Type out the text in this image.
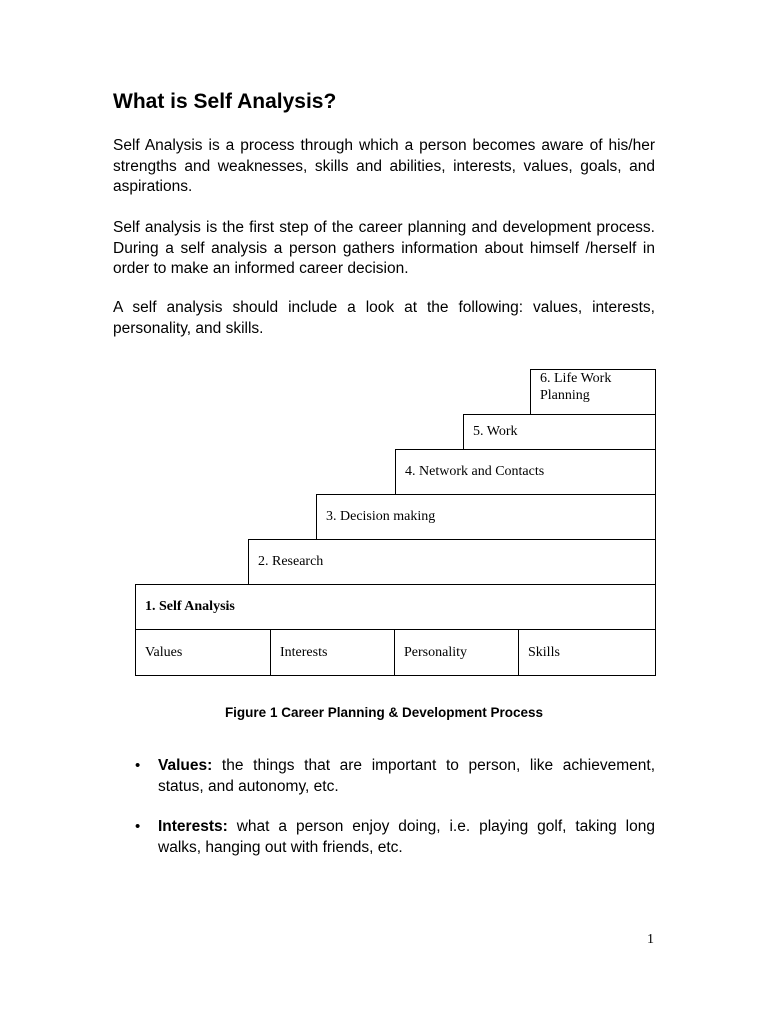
What is Self Analysis?

Self Analysis is a process through which a person becomes aware of his/her strengths and weaknesses, skills and abilities, interests, values, goals, and aspirations.

Self analysis is the first step of the career planning and development process. During a self analysis a person gathers information about himself /herself in order to make an informed career decision.

A self analysis should include a look at the following: values, interests, personality, and skills.

6. Life Work Planning
5. Work
4. Network and Contacts
3. Decision making
2. Research
1. Self Analysis
Values	Interests	Personality	Skills
Figure 1 Career Planning & Development Process
• Values: the things that are important to person, like achievement, status, and autonomy, etc.
• Interests: what a person enjoy doing, i.e. playing golf, taking long walks, hanging out with friends, etc.
1
